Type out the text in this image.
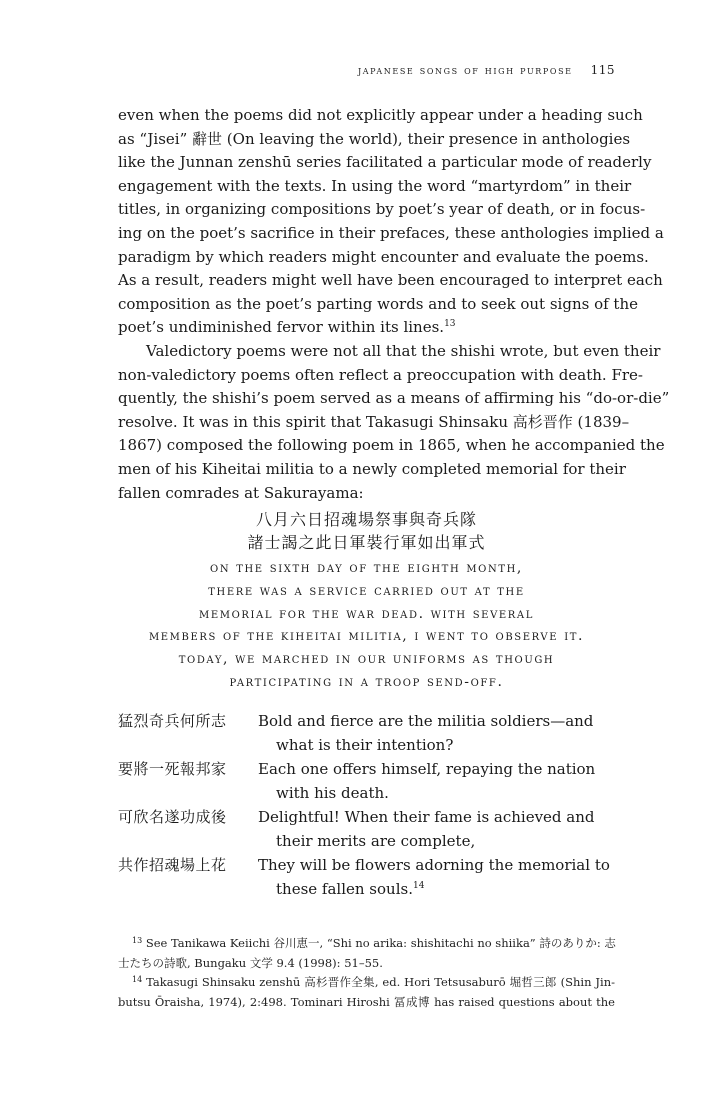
japanese songs of high purpose 115
even when the poems did not explicitly appear under a heading such
as “Jisei” 辭世 (On leaving the world), their presence in anthologies
like the Junnan zenshū series facilitated a particular mode of readerly
engagement with the texts. In using the word “martyrdom” in their
titles, in organizing compositions by poet’s year of death, or in focus-
ing on the poet’s sacrifice in their prefaces, these anthologies implied a
paradigm by which readers might encounter and evaluate the poems.
As a result, readers might well have been encouraged to interpret each
composition as the poet’s parting words and to seek out signs of the
poet’s undiminished fervor within its lines.$^{13}$
Valedictory poems were not all that the shishi wrote, but even their
non-valedictory poems often reflect a preoccupation with death. Fre-
quently, the shishi’s poem served as a means of affirming his “do-or-die”
resolve. It was in this spirit that Takasugi Shinsaku 高杉晋作 (1839–
1867) composed the following poem in 1865, when he accompanied the
men of his Kiheitai militia to a newly completed memorial for their
fallen comrades at Sakurayama:
八月六日招魂場祭事與奇兵隊
諸士謁之此日軍裝行軍如出軍式
on the sixth day of the eighth month,
there was a service carried out at the
memorial for the war dead. with several
members of the kiheitai militia, i went to observe it.
today, we marched in our uniforms as though
participating in a troop send-off.
猛烈奇兵何所志	Bold and fierce are the militia soldiers—and
what is their intention?
要將一死報邦家	Each one offers himself, repaying the nation
with his death.
可欣名遂功成後	Delightful! When their fame is achieved and
their merits are complete,
共作招魂場上花	They will be flowers adorning the memorial to
these fallen souls.$^{14}$
$^{13}$ See Tanikawa Keiichi 谷川恵一, “Shi no arika: shishitachi no shiika” 詩のありか: 志
士たちの詩歌, Bungaku 文学 9.4 (1998): 51–55.
$^{14}$ Takasugi Shinsaku zenshū 高杉晋作全集, ed. Hori Tetsusaburō 堀哲三郎 (Shin Jin-
butsu Ōraisha, 1974), 2:498. Tominari Hiroshi 冨成博 has raised questions about the
